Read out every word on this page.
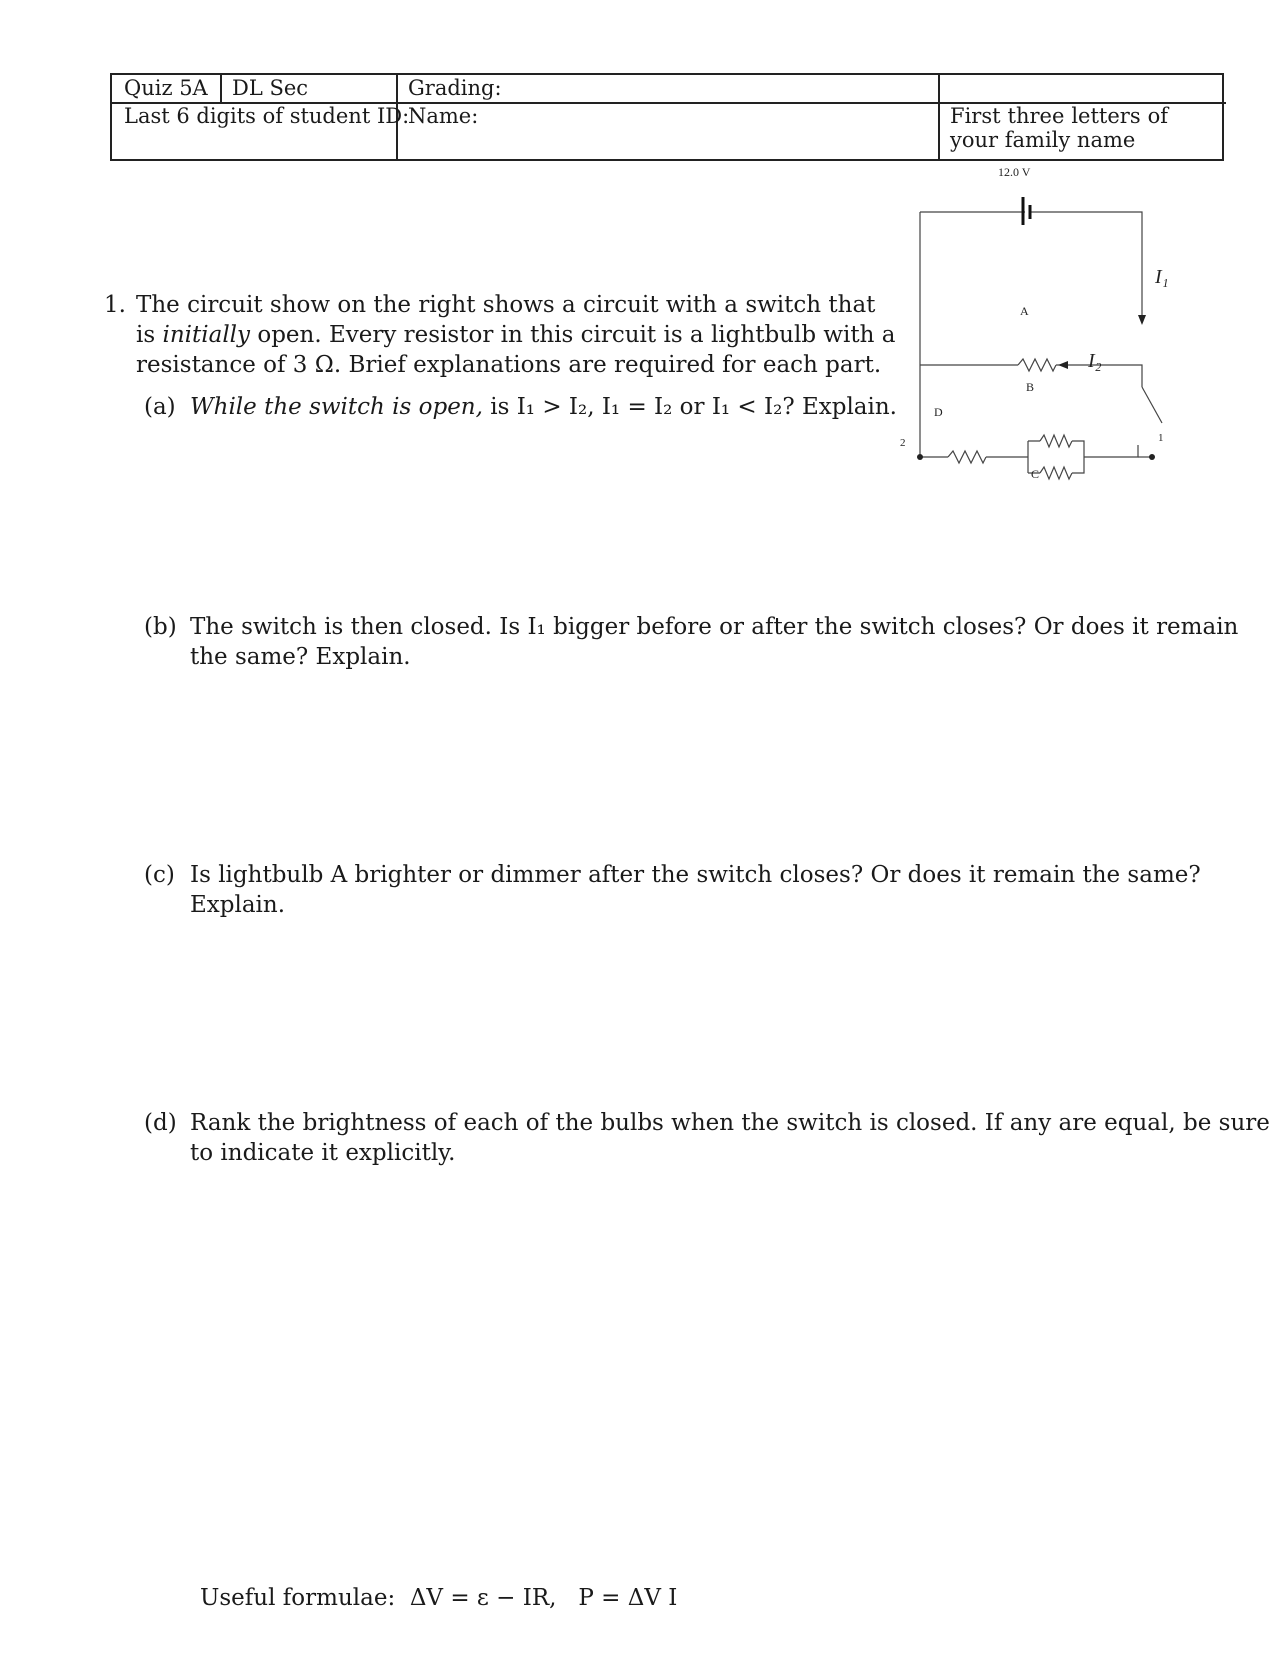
Quiz 5A DL Sec	Grading:
Last 6 digits of student ID:
Name:	First three letters of your family name
1. The circuit show on the right shows a circuit with a switch that is initially open. Every resistor in this circuit is a lightbulb with a resistance of 3 Ω. Brief explanations are required for each part.
(a) While the switch is open, is I₁ > I₂, I₁ = I₂ or I₁ < I₂? Explain.
(b) The switch is then closed. Is I₁ bigger before or after the switch closes? Or does it remain
the same? Explain.
(c) Is lightbulb A brighter or dimmer after the switch closes? Or does it remain the same?
Explain.
(d) Rank the brightness of each of the bulbs when the switch is closed. If any are equal, be sure
to indicate it explicitly.
12.0 V
A
B
C
D
I₁
I₂
1
2
Useful formulae:  ΔV = ε − IR,   P = ΔV I
